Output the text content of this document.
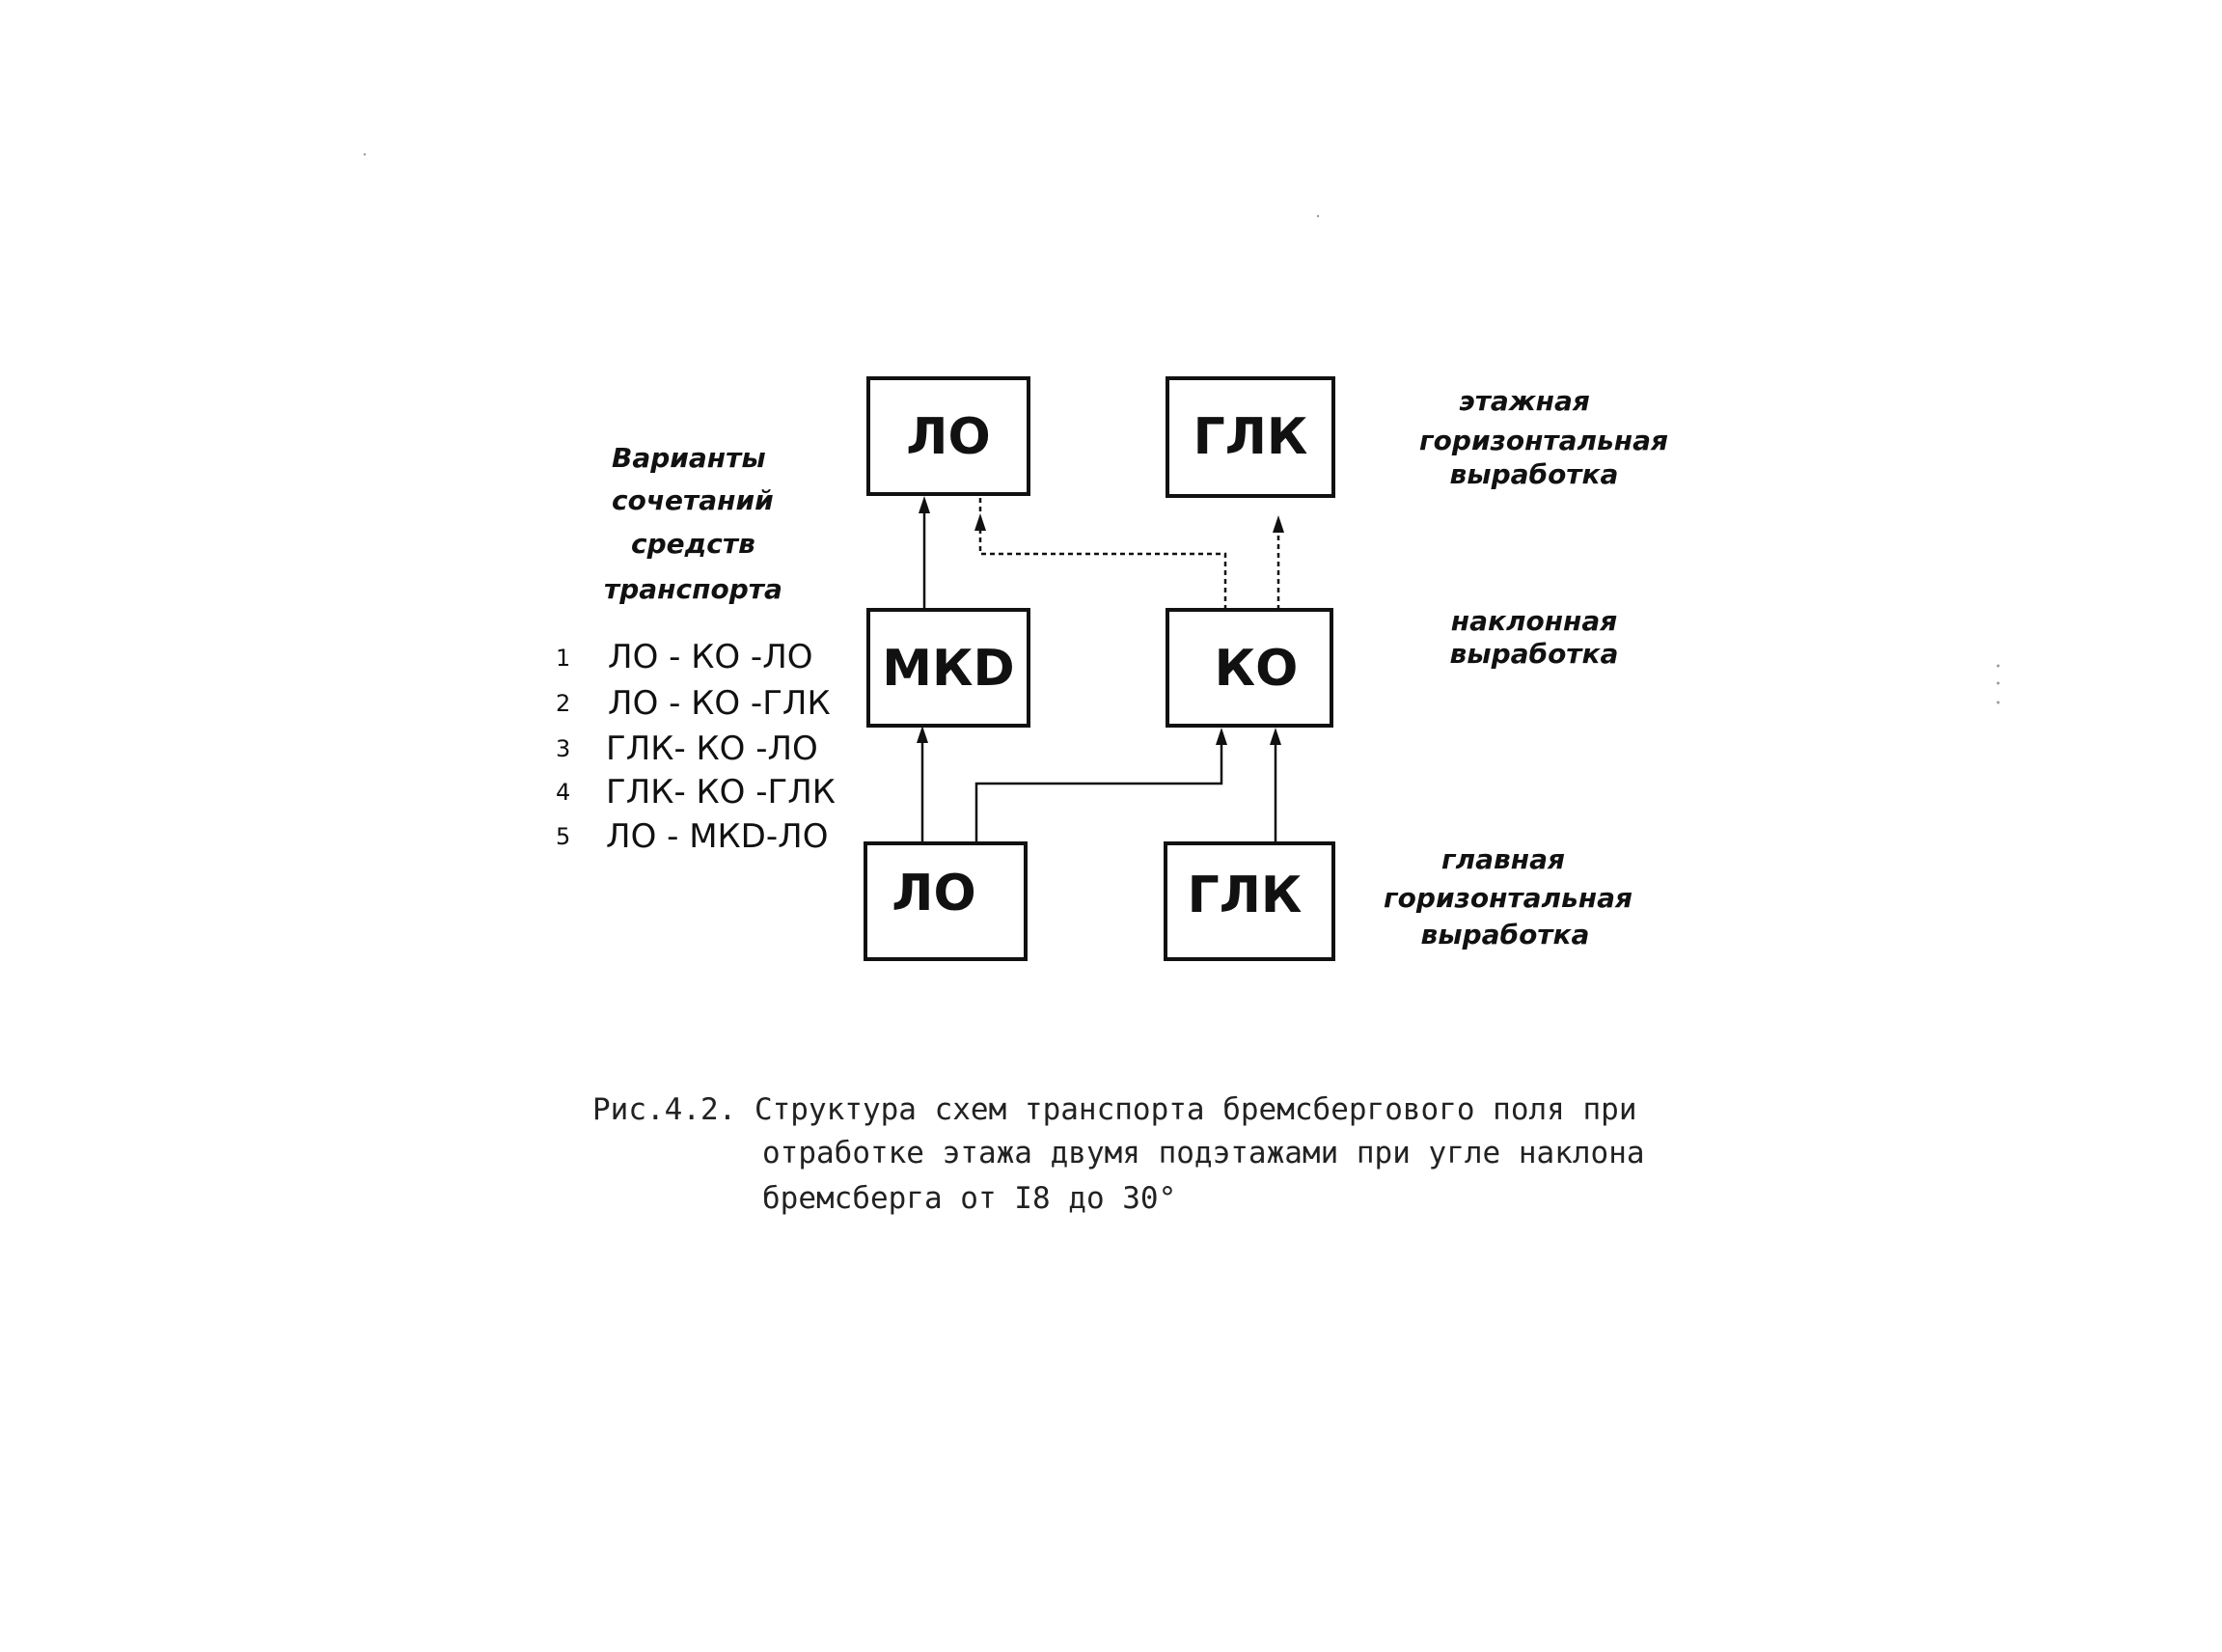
ЛО	ГЛК
МКD	КО
ЛО	ГЛК
этажная
горизонтальная
выработка
наклонная
выработка
главная
горизонтальная
выработка
Варианты
сочетаний
средств
транспорта
1 ЛО - КО -ЛО
2 ЛО - КО -ГЛК
3 ГЛК- КО -ЛО
4 ГЛК- КО -ГЛК
5 ЛО - МКD-ЛО
Рис.4.2. Структура схем транспорта бремсбергового поля при
отработке этажа двумя подэтажами при угле наклона
бремсберга от I8 до 30°
